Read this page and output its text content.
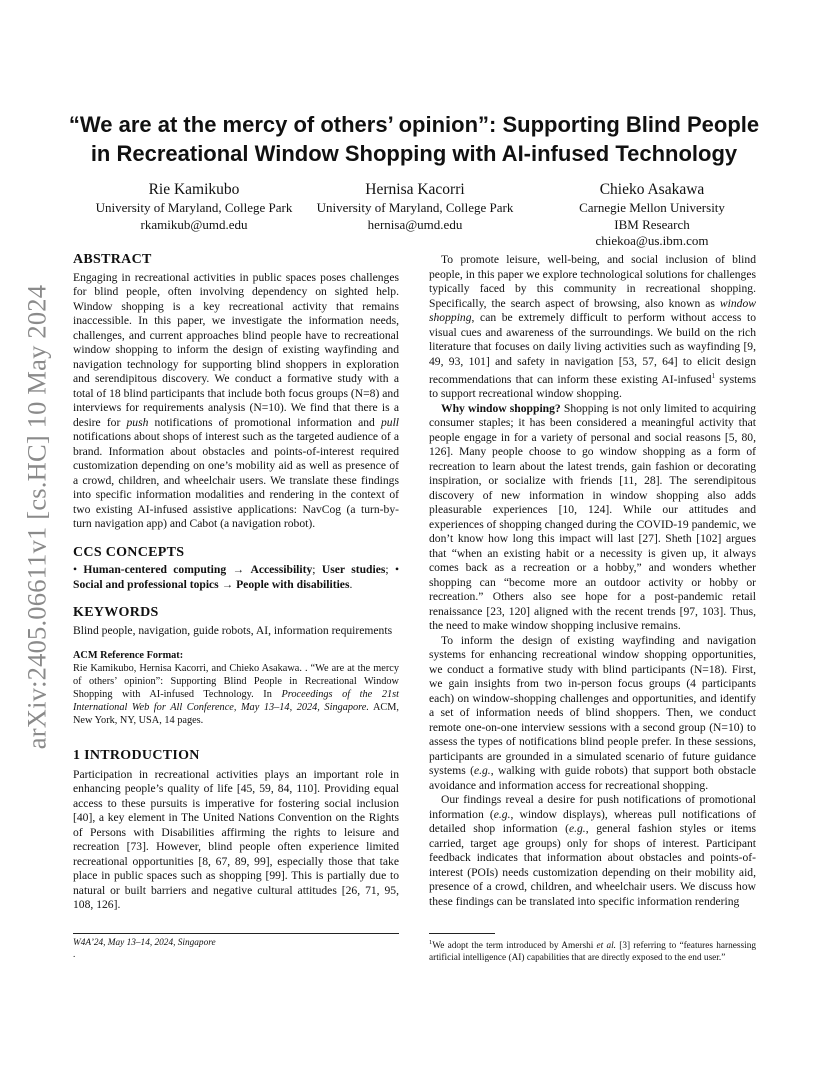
arXiv:2405.06611v1 [cs.HC] 10 May 2024
“We are at the mercy of others’ opinion”: Supporting Blind People
in Recreational Window Shopping with AI-infused Technology
Rie Kamikubo
University of Maryland, College Park
rkamikub@umd.edu
Hernisa Kacorri
University of Maryland, College Park
hernisa@umd.edu
Chieko Asakawa
Carnegie Mellon University
IBM Research
chiekoa@us.ibm.com
ABSTRACT

Engaging in recreational activities in public spaces poses challenges for blind people, often involving dependency on sighted help. Window shopping is a key recreational activity that remains inaccessible. In this paper, we investigate the information needs, challenges, and current approaches blind people have to recreational window shopping to inform the design of existing wayfinding and navigation technology for supporting blind shoppers in exploration and serendipitous discovery. We conduct a formative study with a total of 18 blind participants that include both focus groups (N=8) and interviews for requirements analysis (N=10). We find that there is a desire for push notifications of promotional information and pull notifications about shops of interest such as the targeted audience of a brand. Information about obstacles and points-of-interest required customization depending on one’s mobility aid as well as presence of a crowd, children, and wheelchair users. We translate these findings into specific information modalities and rendering in the context of two existing AI-infused assistive applications: NavCog (a turn-by-turn navigation app) and Cabot (a navigation robot).

CCS CONCEPTS

• Human-centered computing → Accessibility; User studies; • Social and professional topics → People with disabilities.

KEYWORDS

Blind people, navigation, guide robots, AI, information requirements

ACM Reference Format:
Rie Kamikubo, Hernisa Kacorri, and Chieko Asakawa. . “We are at the mercy of others’ opinion”: Supporting Blind People in Recreational Window Shopping with AI-infused Technology. In Proceedings of the 21st International Web for All Conference, May 13–14, 2024, Singapore. ACM, New York, NY, USA, 14 pages.
1 INTRODUCTION

Participation in recreational activities plays an important role in enhancing people’s quality of life [45, 59, 84, 110]. Providing equal access to these pursuits is imperative for fostering social inclusion [40], a key element in The United Nations Convention on the Rights of Persons with Disabilities affirming the rights to leisure and recreation [73]. However, blind people often experience limited recreational opportunities [8, 67, 89, 99], especially those that take place in public spaces such as shopping [99]. This is partially due to natural or built barriers and negative cultural attitudes [26, 71, 95, 108, 126].

W4A’24, May 13–14, 2024, Singapore
.

To promote leisure, well-being, and social inclusion of blind people, in this paper we explore technological solutions for challenges typically faced by this community in recreational shopping. Specifically, the search aspect of browsing, also known as window shopping, can be extremely difficult to perform without access to visual cues and awareness of the surroundings. We build on the rich literature that focuses on daily living activities such as wayfinding [9, 49, 93, 101] and safety in navigation [53, 57, 64] to elicit design recommendations that can inform these existing AI-infused$^1$ systems to support recreational window shopping.

Why window shopping? Shopping is not only limited to acquiring consumer staples; it has been considered a meaningful activity that people engage in for a variety of personal and social reasons [5, 80, 126]. Many people choose to go window shopping as a form of recreation to learn about the latest trends, gain fashion or decorating inspiration, or socialize with friends [11, 28]. The serendipitous discovery of new information in window shopping also adds pleasurable experiences [10, 124]. While our attitudes and experiences of shopping changed during the COVID-19 pandemic, we don’t know how long this impact will last [27]. Sheth [102] argues that “when an existing habit or a necessity is given up, it always comes back as a recreation or a hobby,” and wonders whether shopping can “become more an outdoor activity or hobby or recreation.” Others also see hope for a post-pandemic retail renaissance [23, 120] aligned with the recent trends [97, 103]. Thus, the need to make window shopping inclusive remains.

To inform the design of existing wayfinding and navigation systems for enhancing recreational window shopping opportunities, we conduct a formative study with blind participants (N=18). First, we gain insights from two in-person focus groups (4 participants each) on window-shopping challenges and opportunities, and identify a set of information needs of blind shoppers. Then, we conduct remote one-on-one interview sessions with a second group (N=10) to assess the types of notifications blind people prefer. In these sessions, participants are grounded in a simulated scenario of future guidance systems (e.g., walking with guide robots) that support both obstacle avoidance and information access for recreational shopping.

Our findings reveal a desire for push notifications of promotional information (e.g., window displays), whereas pull notifications of detailed shop information (e.g., general fashion styles or items carried, target age groups) only for shops of interest. Participant feedback indicates that information about obstacles and points-of-interest (POIs) needs customization depending on their mobility aid, presence of a crowd, children, and wheelchair users. We discuss how these findings can be translated into specific information rendering

$^1$We adopt the term introduced by Amershi et al. [3] referring to “features harnessing artificial intelligence (AI) capabilities that are directly exposed to the end user.”
